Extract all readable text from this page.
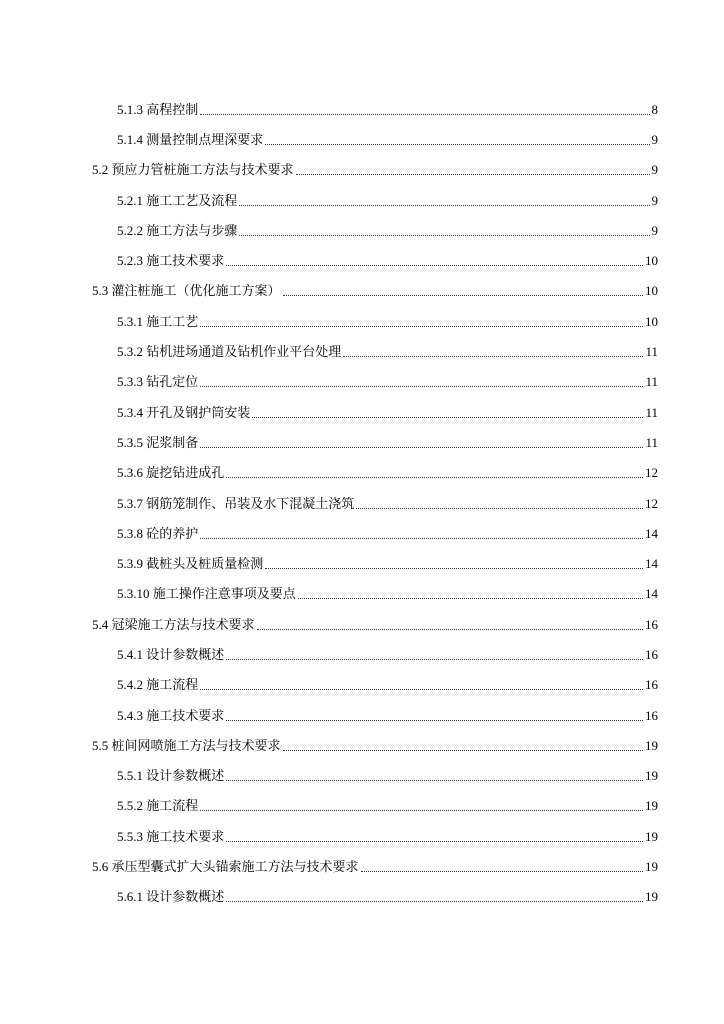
5.1.3 高程控制	8
5.1.4 测量控制点埋深要求	9
5.2 预应力管桩施工方法与技术要求	9
5.2.1 施工工艺及流程	9
5.2.2 施工方法与步骤	9
5.2.3 施工技术要求	10
5.3 灌注桩施工（优化施工方案）	10
5.3.1 施工工艺	10
5.3.2 钻机进场通道及钻机作业平台处理	11
5.3.3 钻孔定位	11
5.3.4 开孔及钢护筒安装	11
5.3.5 泥浆制备	11
5.3.6 旋挖钻进成孔	12
5.3.7 钢筋笼制作、吊装及水下混凝土浇筑	12
5.3.8 砼的养护	14
5.3.9 截桩头及桩质量检测	14
5.3.10 施工操作注意事项及要点	14
5.4 冠梁施工方法与技术要求	16
5.4.1 设计参数概述	16
5.4.2 施工流程	16
5.4.3 施工技术要求	16
5.5 桩间网喷施工方法与技术要求	19
5.5.1 设计参数概述	19
5.5.2 施工流程	19
5.5.3 施工技术要求	19
5.6 承压型囊式扩大头锚索施工方法与技术要求	19
5.6.1 设计参数概述	19
